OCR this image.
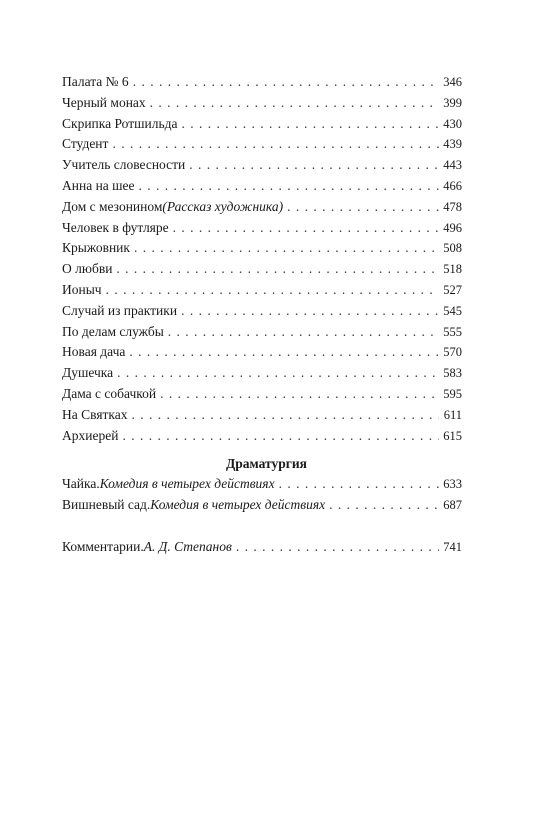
Палата № 6 . . .	346
Черный монах . . .	399
Скрипка Ротшильда . . .	430
Студент . . .	439
Учитель словесности . . .	443
Анна на шее . . .	466
Дом с мезонином (Рассказ художника) . . .	478
Человек в футляре . . .	496
Крыжовник . . .	508
О любви . . .	518
Ионыч . . .	527
Случай из практики . . .	545
По делам службы . . .	555
Новая дача . . .	570
Душечка . . .	583
Дама с собачкой . . .	595
На Святках . . .	611
Архиерей . . .	615
Драматургия
Чайка. Комедия в четырех действиях . . .	633
Вишневый сад. Комедия в четырех действиях . . .	687
Комментарии. А. Д. Степанов . . .	741
